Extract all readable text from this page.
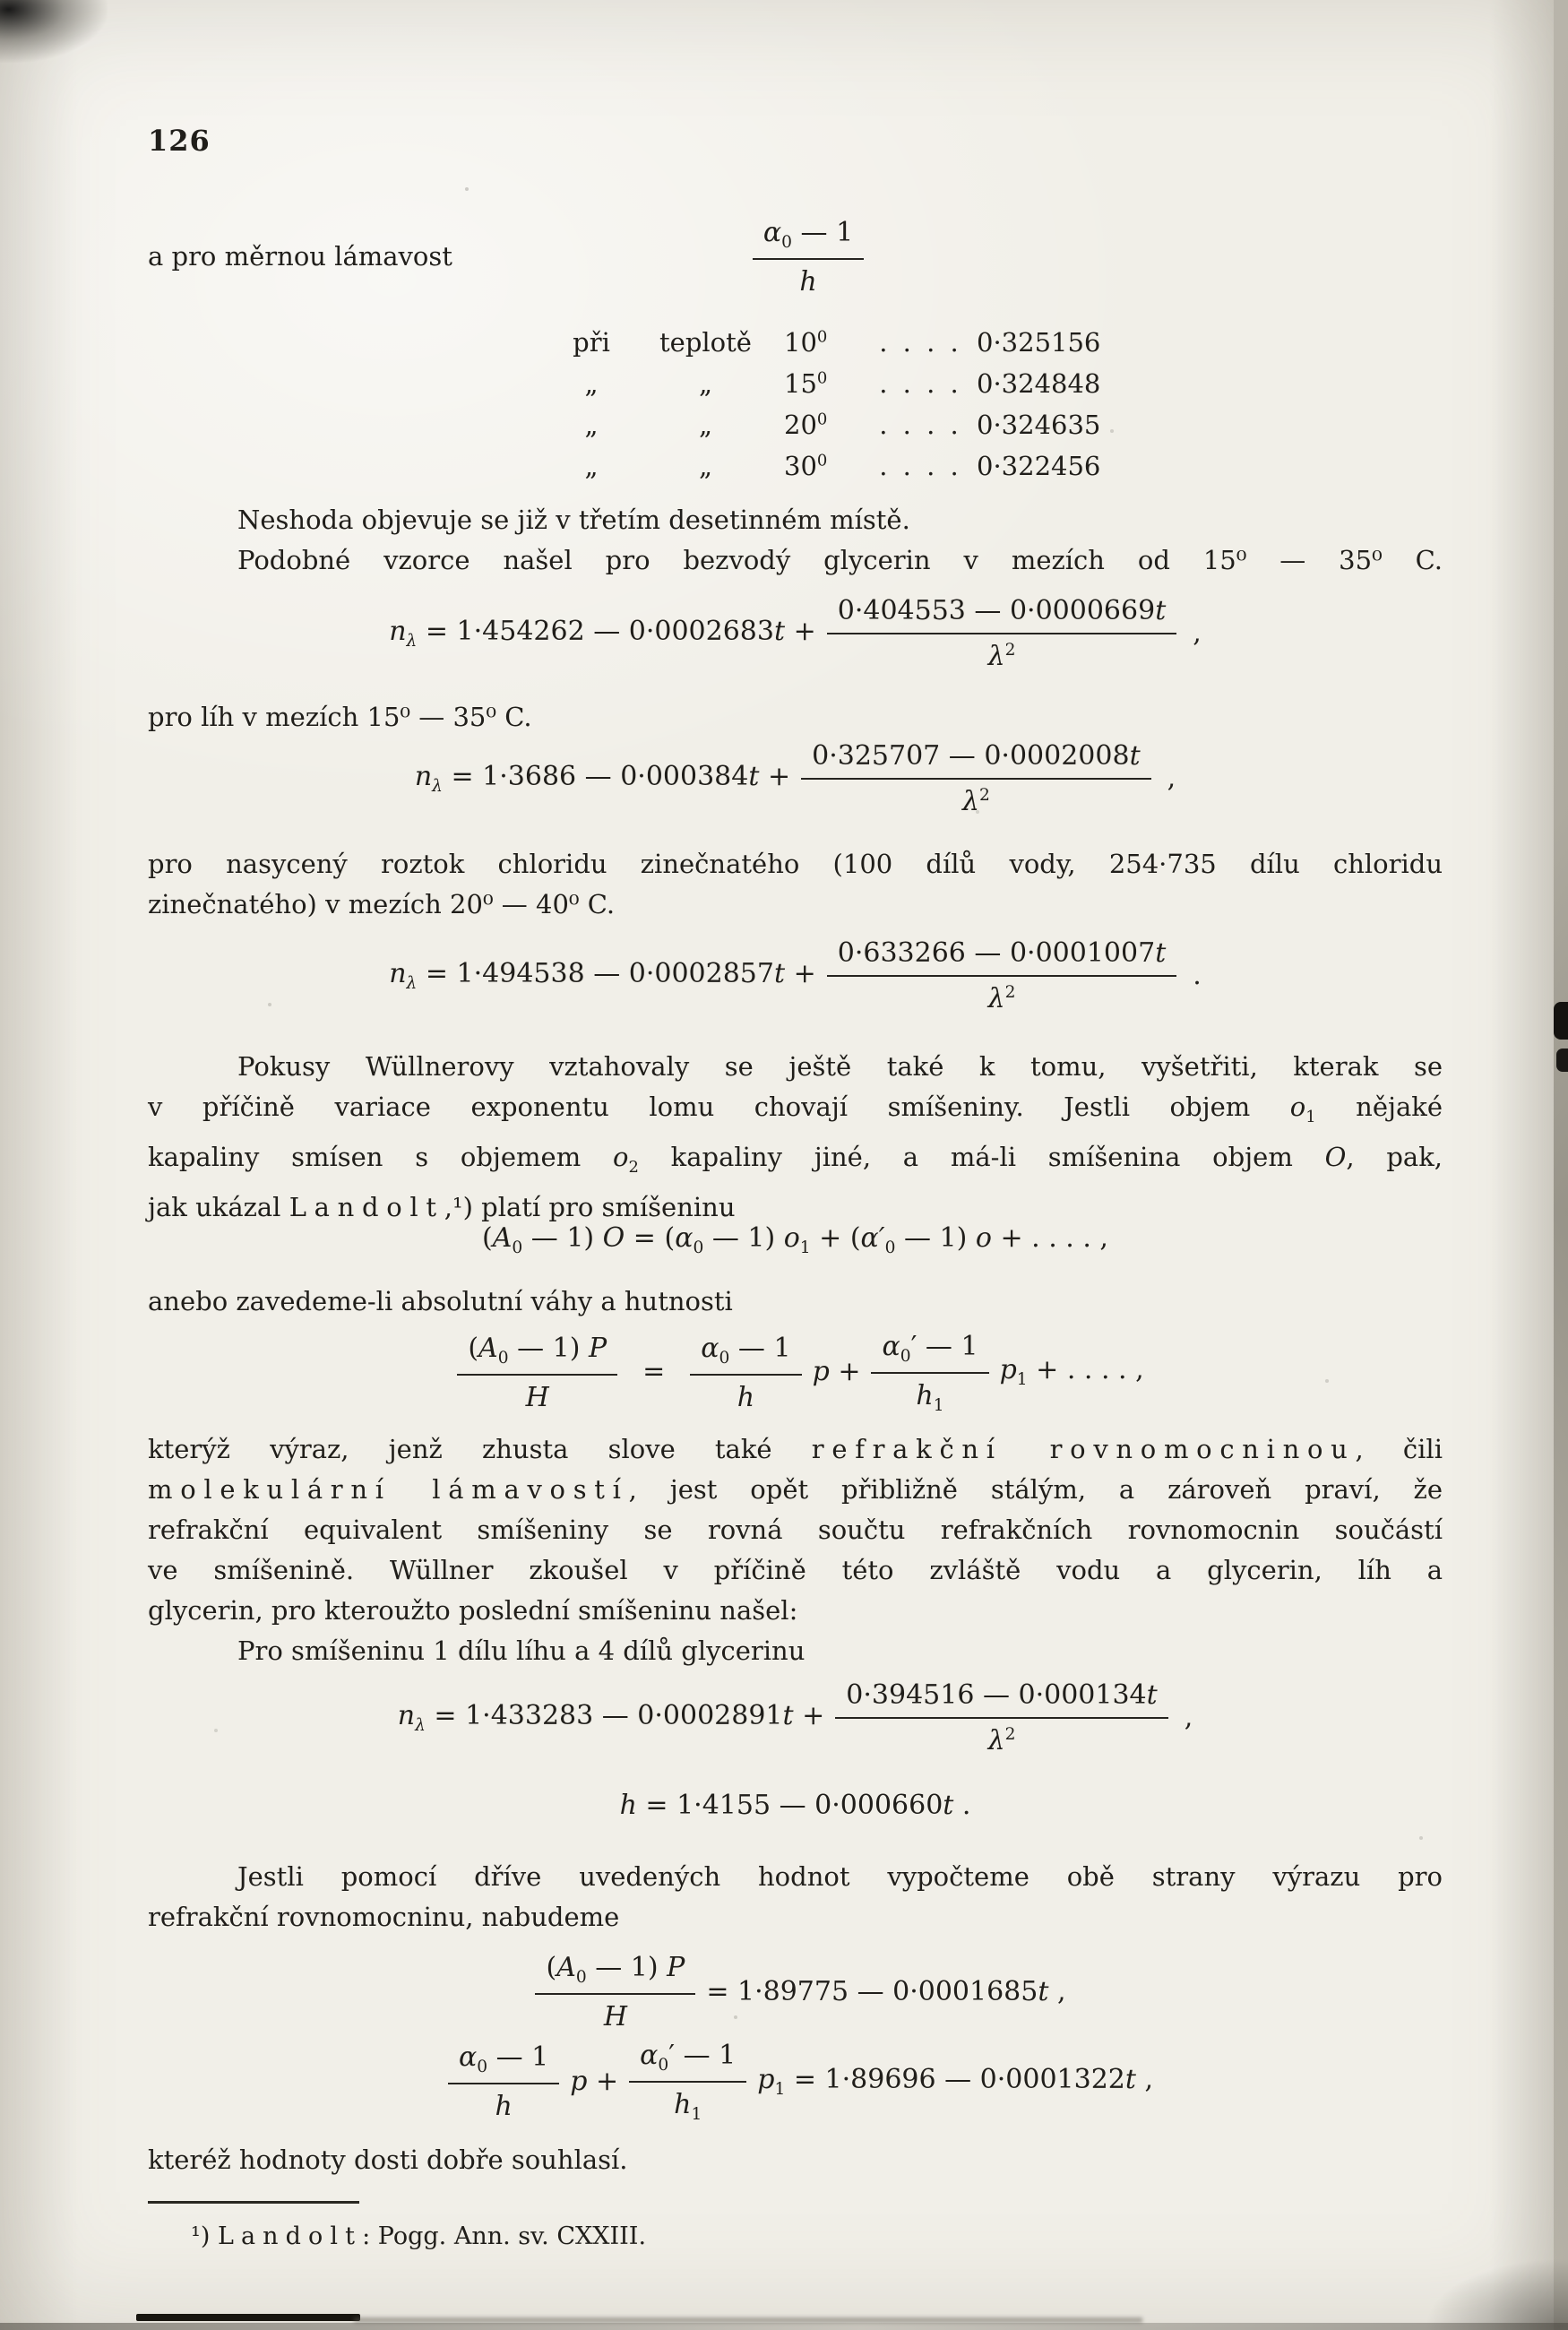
126
a pro měrnou lámavost	$\frac{\alpha_0 — 1}{h}$
při	teplotě	$10^0$	. . . . 0·325156
„	„	$15^0$	. . . . 0·324848
„	„	$20^0$	. . . . 0·324635
„	„	$30^0$	. . . . 0·322456
Neshoda objevuje se již v třetím desetinném místě.
Podobné vzorce našel pro bezvodý glycerin v mezích od 15⁰ — 35⁰ C.
$n_\lambda = 1\cdot 454262$ — $0\cdot 0002683t + \frac{0\cdot 404553 — 0\cdot 0000669t}{\lambda^2}$ ,
pro líh v mezích 15⁰ — 35⁰ C.
$n_\lambda = 1\cdot 3686$ — $0\cdot 000384t + \frac{0\cdot 325707 — 0\cdot 0002008t}{\lambda^2}$ ,
pro nasycený roztok chloridu zinečnatého (100 dílů vody, 254·735 dílu chloridu
zinečnatého) v mezích 20⁰ — 40⁰ C.
$n_\lambda = 1\cdot 494538$ — $0\cdot 0002857t + \frac{0\cdot 633266 — 0\cdot 0001007t}{\lambda^2}$ .
Pokusy Wüllnerovy vztahovaly se ještě také k tomu, vyšetřiti, kterak se
v příčině variace exponentu lomu chovají smíšeniny. Jestli objem $o_1$ nějaké
kapaliny smísen s objemem $o_2$ kapaliny jiné, a má-li smíšenina objem O, pak,
jak ukázal Landolt,¹) platí pro smíšeninu
($A_0$ — 1) $O = (\alpha_0$ — 1) $o_1 + (\alpha'_0$ — 1) o + . . . . ,
anebo zavedeme-li absolutní váhy a hutnosti
$\frac{(A_0 — 1) P}{H} = \frac{\alpha_0 — 1}{h}$ $p + \frac{\alpha_0' — 1}{h_1} p_1$ + . . . . ,
kterýž výraz, jenž zhusta slove také refrakční rovnomocninou, čili
molekulární lámavostí, jest opět přibližně stálým, a zároveň praví, že
refrakční equivalent smíšeniny se rovná součtu refrakčních rovnomocnin součástí
ve smíšenině. Wüllner zkoušel v příčině této zvláště vodu a glycerin, líh a
glycerin, pro kteroužto poslední smíšeninu našel:
Pro smíšeninu 1 dílu líhu a 4 dílů glycerinu
$n_\lambda = 1\cdot 433283$ — $0\cdot 0002891t + \frac{0\cdot 394516 — 0\cdot 000134t}{\lambda^2}$ ,
h = 1·4155 — 0·000660t .
Jestli pomocí dříve uvedených hodnot vypočteme obě strany výrazu pro
refrakční rovnomocninu, nabudeme
$\frac{(A_0 — 1) P}{H} = 1\cdot 89775$ — 0·0001685t ,
$\frac{\alpha_0 — 1}{h}$ $p + \frac{\alpha_0' — 1}{h_1} p_1 = 1\cdot 89696$ — 0·0001322t ,
kteréž hodnoty dosti dobře souhlasí.
¹) Landolt: Pogg. Ann. sv. CXXIII.
